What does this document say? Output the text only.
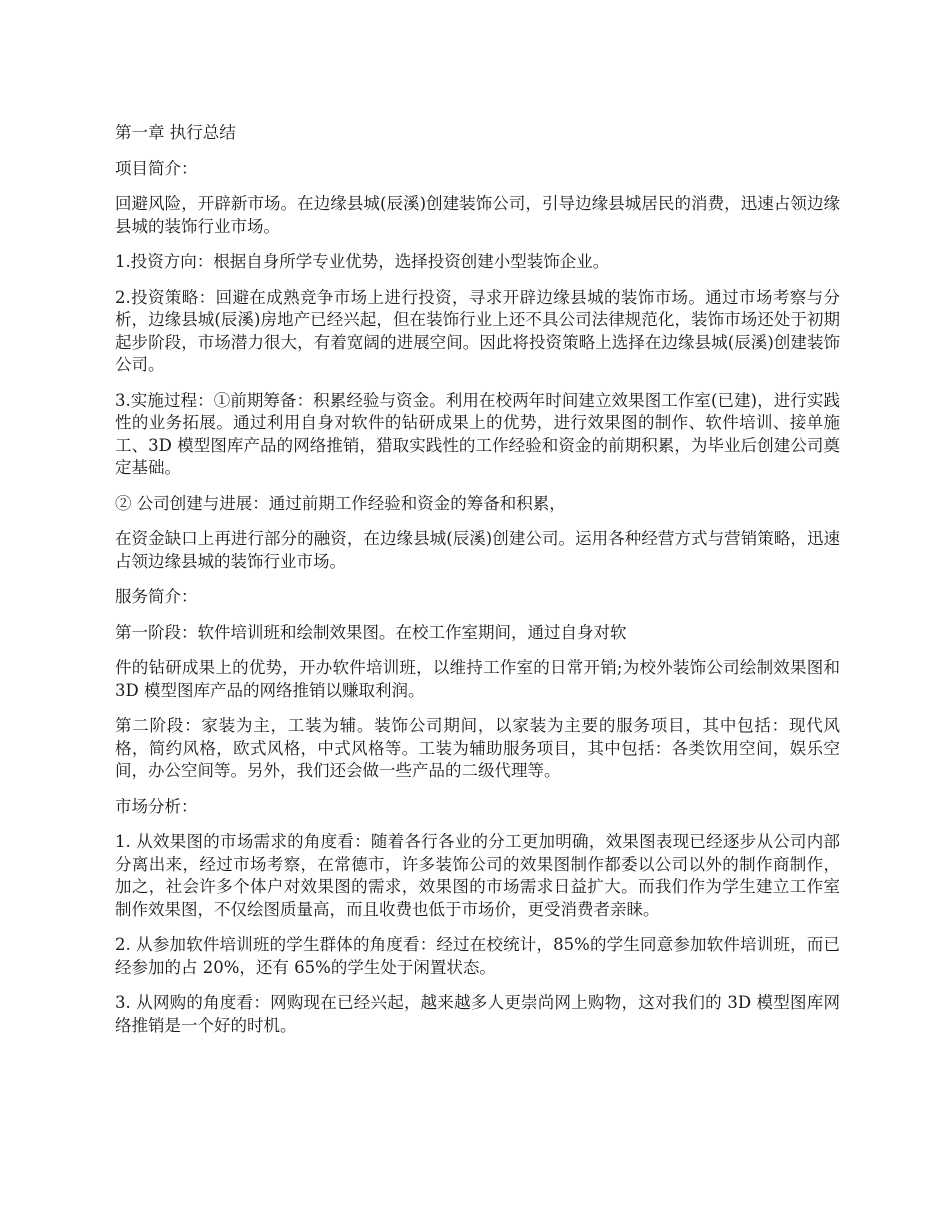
第一章 执行总结

项目简介：

回避风险，开辟新市场。在边缘县城(辰溪)创建装饰公司，引导边缘县城居民的消费，迅速占领边缘县城的装饰行业市场。

1.投资方向：根据自身所学专业优势，选择投资创建小型装饰企业。

2.投资策略：回避在成熟竞争市场上进行投资，寻求开辟边缘县城的装饰市场。通过市场考察与分析，边缘县城(辰溪)房地产已经兴起，但在装饰行业上还不具公司法律规范化，装饰市场还处于初期起步阶段，市场潜力很大，有着宽阔的进展空间。因此将投资策略上选择在边缘县城(辰溪)创建装饰公司。

3.实施过程：①前期筹备：积累经验与资金。利用在校两年时间建立效果图工作室(已建)，进行实践性的业务拓展。通过利用自身对软件的钻研成果上的优势，进行效果图的制作、软件培训、接单施工、3D 模型图库产品的网络推销，猎取实践性的工作经验和资金的前期积累，为毕业后创建公司奠定基础。

② 公司创建与进展：通过前期工作经验和资金的筹备和积累，

在资金缺口上再进行部分的融资，在边缘县城(辰溪)创建公司。运用各种经营方式与营销策略，迅速占领边缘县城的装饰行业市场。

服务简介：

第一阶段：软件培训班和绘制效果图。在校工作室期间，通过自身对软

件的钻研成果上的优势，开办软件培训班，以维持工作室的日常开销;为校外装饰公司绘制效果图和 3D 模型图库产品的网络推销以赚取利润。

第二阶段：家装为主，工装为辅。装饰公司期间，以家装为主要的服务项目，其中包括：现代风格，简约风格，欧式风格，中式风格等。工装为辅助服务项目，其中包括：各类饮用空间，娱乐空间，办公空间等。另外，我们还会做一些产品的二级代理等。

市场分析：

1. 从效果图的市场需求的角度看：随着各行各业的分工更加明确，效果图表现已经逐步从公司内部分离出来，经过市场考察，在常德市，许多装饰公司的效果图制作都委以公司以外的制作商制作，加之，社会许多个体户对效果图的需求，效果图的市场需求日益扩大。而我们作为学生建立工作室制作效果图，不仅绘图质量高，而且收费也低于市场价，更受消费者亲睐。

2. 从参加软件培训班的学生群体的角度看：经过在校统计，85%的学生同意参加软件培训班，而已经参加的占 20%，还有 65%的学生处于闲置状态。

3. 从网购的角度看：网购现在已经兴起，越来越多人更崇尚网上购物，这对我们的 3D 模型图库网络推销是一个好的时机。
